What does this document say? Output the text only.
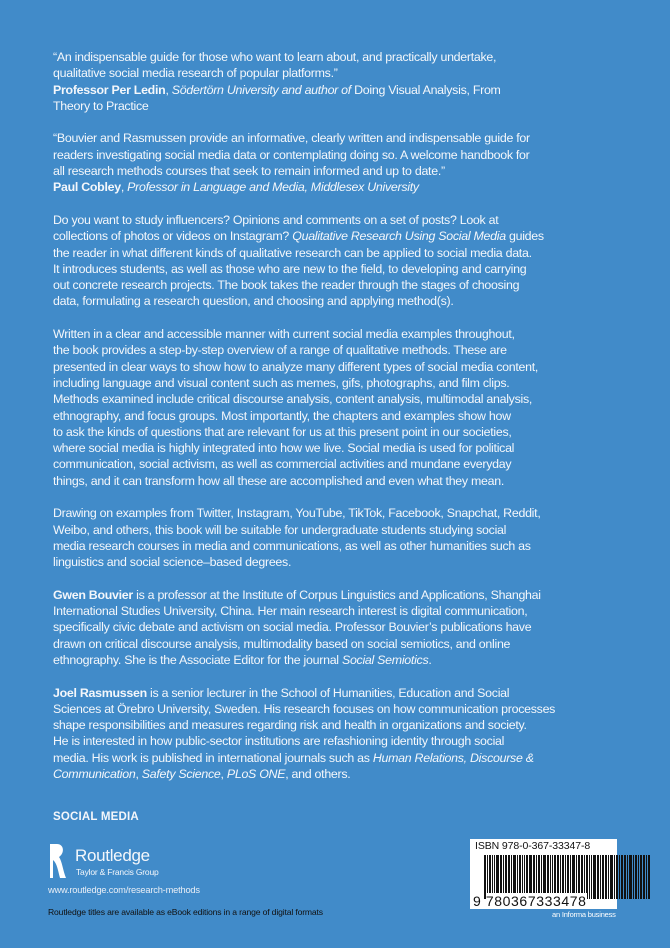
“An indispensable guide for those who want to learn about, and practically undertake,
qualitative social media research of popular platforms.”
Professor Per Ledin, Södertörn University and author of Doing Visual Analysis, From
Theory to Practice
“Bouvier and Rasmussen provide an informative, clearly written and indispensable guide for
readers investigating social media data or contemplating doing so. A welcome handbook for
all research methods courses that seek to remain informed and up to date.”
Paul Cobley, Professor in Language and Media, Middlesex University
Do you want to study influencers? Opinions and comments on a set of posts? Look at
collections of photos or videos on Instagram? Qualitative Research Using Social Media guides
the reader in what different kinds of qualitative research can be applied to social media data.
It introduces students, as well as those who are new to the field, to developing and carrying
out concrete research projects. The book takes the reader through the stages of choosing
data, formulating a research question, and choosing and applying method(s).
Written in a clear and accessible manner with current social media examples throughout,
the book provides a step-by-step overview of a range of qualitative methods. These are
presented in clear ways to show how to analyze many different types of social media content,
including language and visual content such as memes, gifs, photographs, and film clips.
Methods examined include critical discourse analysis, content analysis, multimodal analysis,
ethnography, and focus groups. Most importantly, the chapters and examples show how
to ask the kinds of questions that are relevant for us at this present point in our societies,
where social media is highly integrated into how we live. Social media is used for political
communication, social activism, as well as commercial activities and mundane everyday
things, and it can transform how all these are accomplished and even what they mean.
Drawing on examples from Twitter, Instagram, YouTube, TikTok, Facebook, Snapchat, Reddit,
Weibo, and others, this book will be suitable for undergraduate students studying social
media research courses in media and communications, as well as other humanities such as
linguistics and social science–based degrees.
Gwen Bouvier is a professor at the Institute of Corpus Linguistics and Applications, Shanghai
International Studies University, China. Her main research interest is digital communication,
specifically civic debate and activism on social media. Professor Bouvier’s publications have
drawn on critical discourse analysis, multimodality based on social semiotics, and online
ethnography. She is the Associate Editor for the journal Social Semiotics.
Joel Rasmussen is a senior lecturer in the School of Humanities, Education and Social
Sciences at Örebro University, Sweden. His research focuses on how communication processes
shape responsibilities and measures regarding risk and health in organizations and society.
He is interested in how public-sector institutions are refashioning identity through social
media. His work is published in international journals such as Human Relations, Discourse &
Communication, Safety Science, PLoS ONE, and others.
SOCIAL MEDIA
Routledge
Taylor & Francis Group
www.routledge.com/research-methods
Routledge titles are available as eBook editions in a range of digital formats
ISBN 978-0-367-33347-8
9 780367333478
an Informa business
